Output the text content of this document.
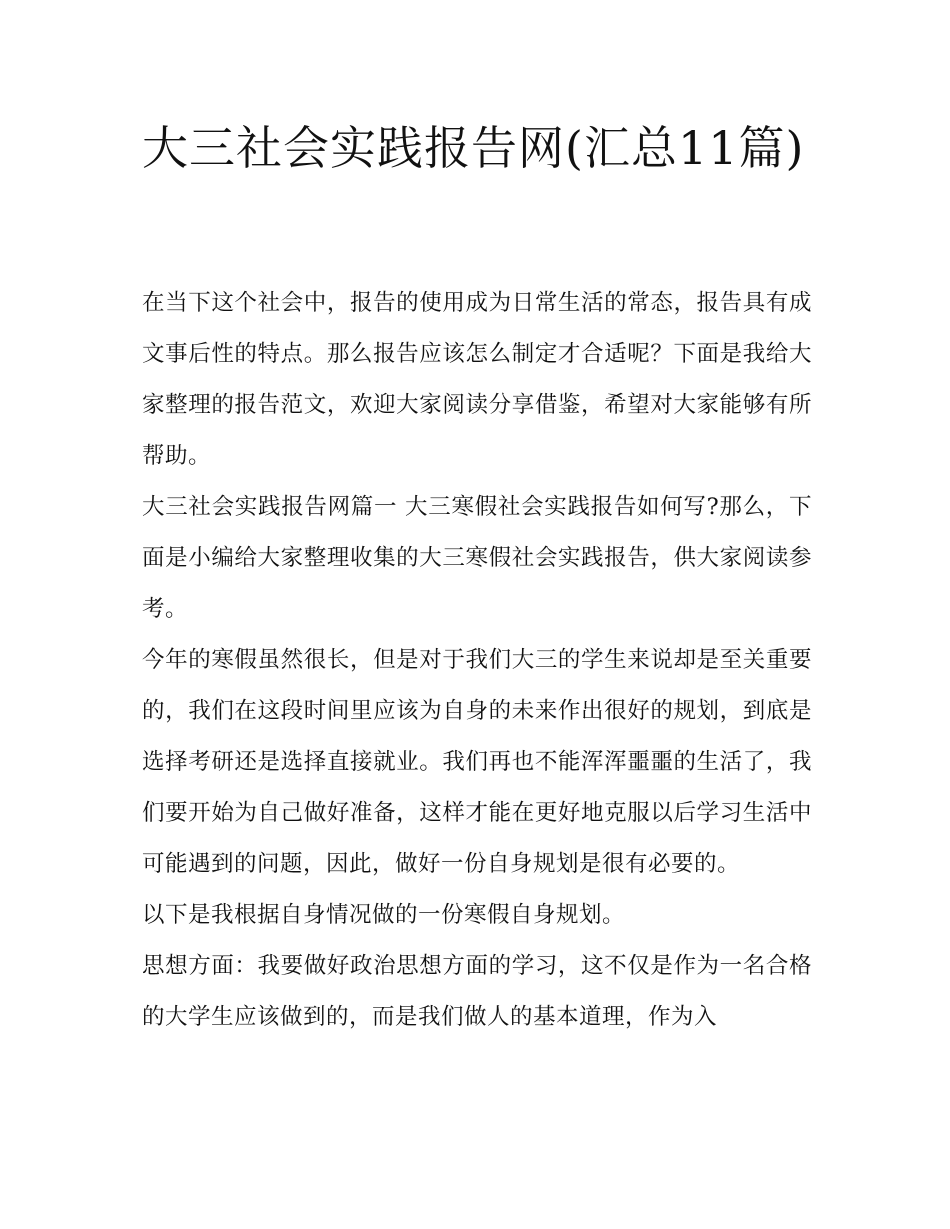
大三社会实践报告网(汇总11篇)

在当下这个社会中，报告的使用成为日常生活的常态，报告具有成文事后性的特点。那么报告应该怎么制定才合适呢？下面是我给大家整理的报告范文，欢迎大家阅读分享借鉴，希望对大家能够有所帮助。

大三社会实践报告网篇一 大三寒假社会实践报告如何写?那么，下面是小编给大家整理收集的大三寒假社会实践报告，供大家阅读参考。

今年的寒假虽然很长，但是对于我们大三的学生来说却是至关重要的，我们在这段时间里应该为自身的未来作出很好的规划，到底是选择考研还是选择直接就业。我们再也不能浑浑噩噩的生活了，我们要开始为自己做好准备，这样才能在更好地克服以后学习生活中可能遇到的问题，因此，做好一份自身规划是很有必要的。

以下是我根据自身情况做的一份寒假自身规划。

思想方面：我要做好政治思想方面的学习，这不仅是作为一名合格的大学生应该做到的，而是我们做人的基本道理，作为入
